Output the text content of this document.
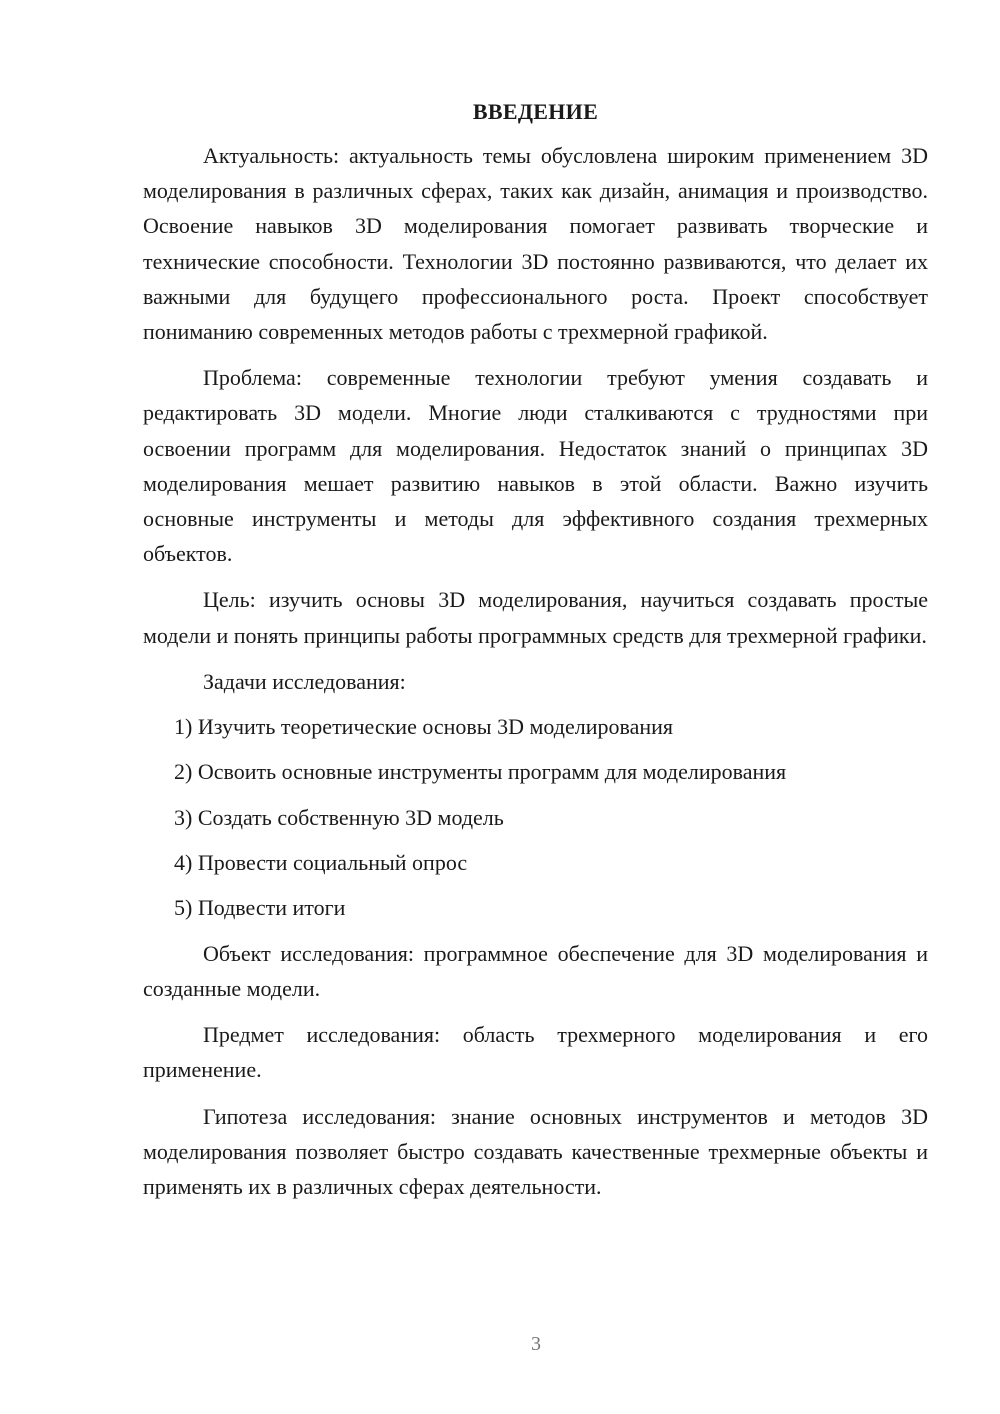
ВВЕДЕНИЕ

Актуальность: актуальность темы обусловлена широким применением 3D моделирования в различных сферах, таких как дизайн, анимация и производство. Освоение навыков 3D моделирования помогает развивать творческие и технические способности. Технологии 3D постоянно развиваются, что делает их важными для будущего профессионального роста. Проект способствует пониманию современных методов работы с трехмерной графикой.

Проблема: современные технологии требуют умения создавать и редактировать 3D модели. Многие люди сталкиваются с трудностями при освоении программ для моделирования. Недостаток знаний о принципах 3D моделирования мешает развитию навыков в этой области. Важно изучить основные инструменты и методы для эффективного создания трехмерных объектов.

Цель: изучить основы 3D моделирования, научиться создавать простые модели и понять принципы работы программных средств для трехмерной графики.

Задачи исследования:

1) Изучить теоретические основы 3D моделирования
2) Освоить основные инструменты программ для моделирования
3) Создать собственную 3D модель
4) Провести социальный опрос
5) Подвести итоги

Объект исследования: программное обеспечение для 3D моделирования и созданные модели.

Предмет исследования: область трехмерного моделирования и его применение.

Гипотеза исследования: знание основных инструментов и методов 3D моделирования позволяет быстро создавать качественные трехмерные объекты и применять их в различных сферах деятельности.

3
